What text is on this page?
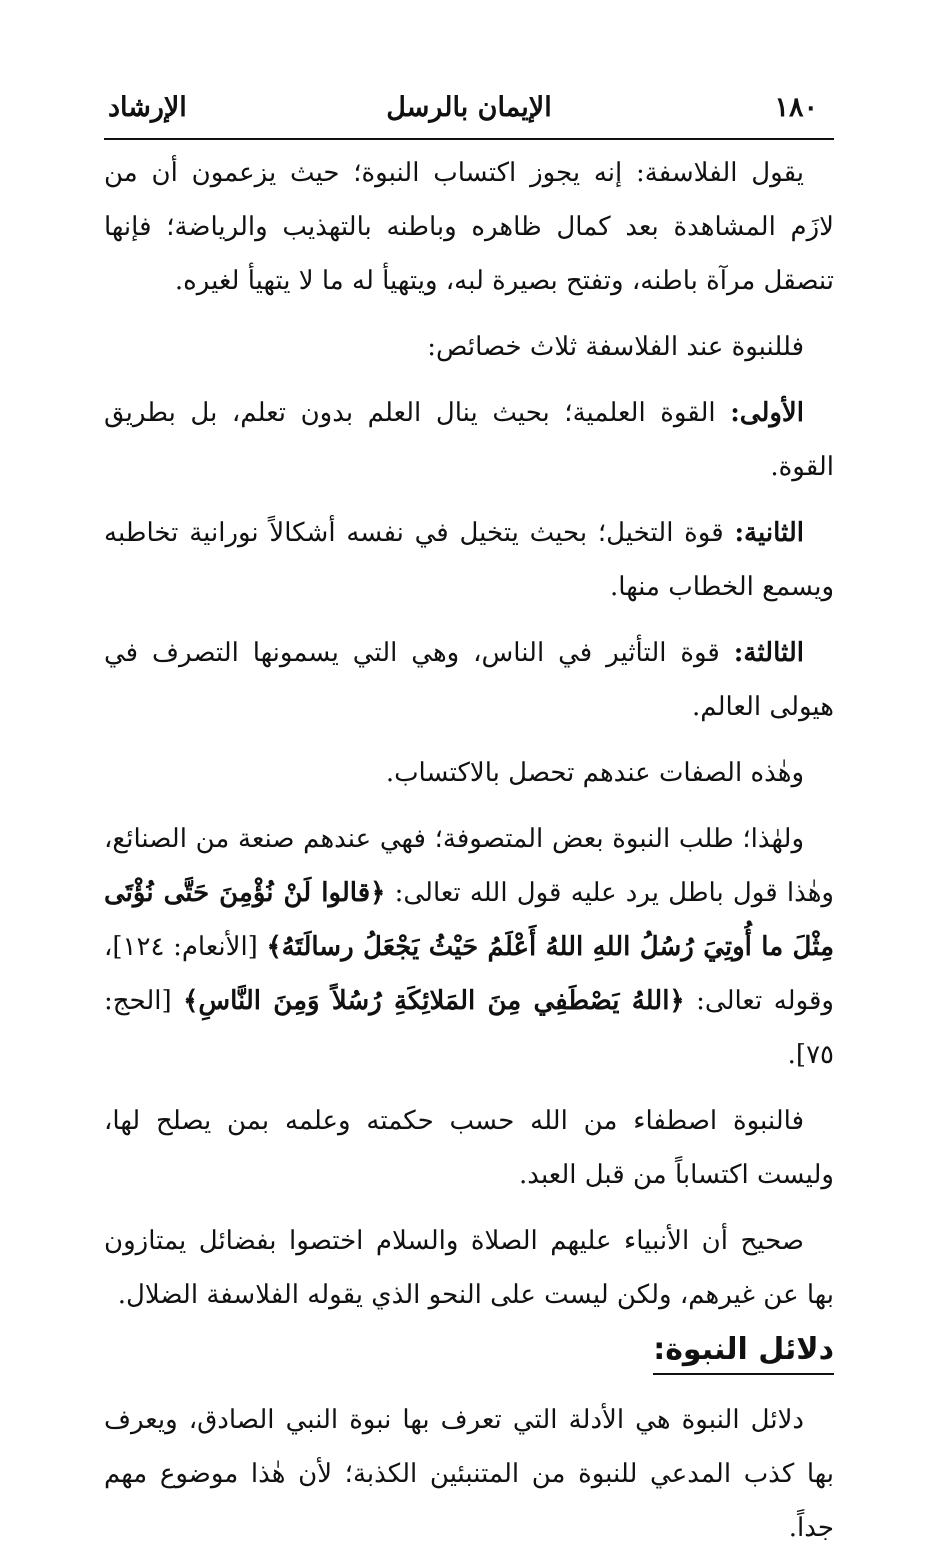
١٨٠
الإيمان بالرسل
الإرشاد

يقول الفلاسفة: إنه يجوز اكتساب النبوة؛ حيث يزعمون أن من لازَم المشاهدة بعد كمال ظاهره وباطنه بالتهذيب والرياضة؛ فإنها تنصقل مرآة باطنه، وتفتح بصيرة لبه، ويتهيأ له ما لا يتهيأ لغيره.

فللنبوة عند الفلاسفة ثلاث خصائص:

الأولى: القوة العلمية؛ بحيث ينال العلم بدون تعلم، بل بطريق القوة.

الثانية: قوة التخيل؛ بحيث يتخيل في نفسه أشكالاً نورانية تخاطبه ويسمع الخطاب منها.

الثالثة: قوة التأثير في الناس، وهي التي يسمونها التصرف في هيولى العالم.

وهٰذه الصفات عندهم تحصل بالاكتساب.

ولهٰذا؛ طلب النبوة بعض المتصوفة؛ فهي عندهم صنعة من الصنائع، وهٰذا قول باطل يرد عليه قول الله تعالى: ﴿قالوا لَنْ نُؤْمِنَ حَتَّى نُؤْتَى مِثْلَ ما أُوتِيَ رُسُلُ اللهِ اللهُ أَعْلَمُ حَيْثُ يَجْعَلُ رسالَتَهُ﴾ [الأنعام: ١٢٤]، وقوله تعالى: ﴿اللهُ يَصْطَفِي مِنَ المَلائِكَةِ رُسُلاً وَمِنَ النَّاسِ﴾ [الحج: ٧٥].

فالنبوة اصطفاء من الله حسب حكمته وعلمه بمن يصلح لها، وليست اكتساباً من قبل العبد.

صحيح أن الأنبياء عليهم الصلاة والسلام اختصوا بفضائل يمتازون بها عن غيرهم، ولكن ليست على النحو الذي يقوله الفلاسفة الضلال.

دلائل النبوة:

دلائل النبوة هي الأدلة التي تعرف بها نبوة النبي الصادق، ويعرف بها كذب المدعي للنبوة من المتنبئين الكذبة؛ لأن هٰذا موضوع مهم جداً.
